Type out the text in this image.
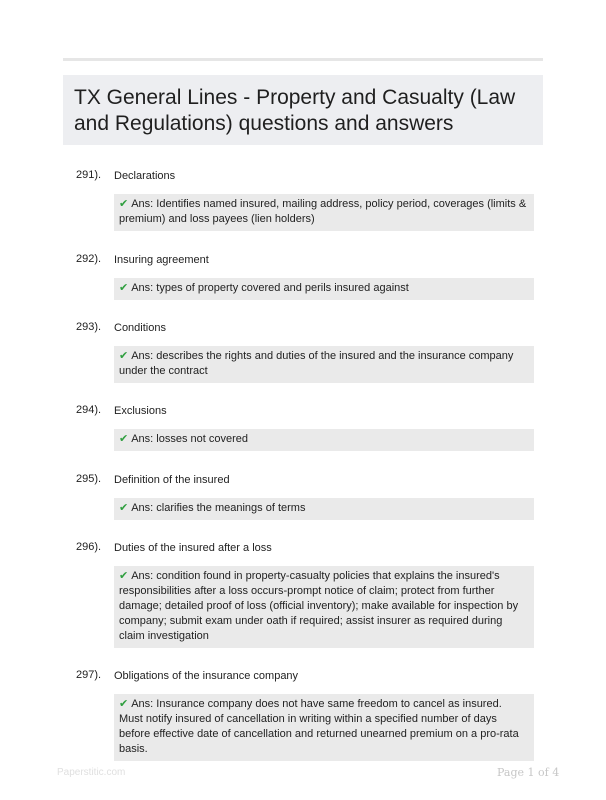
TX General Lines - Property and Casualty (Law and Regulations) questions and answers
291). Declarations
✔ Ans: Identifies named insured, mailing address, policy period, coverages (limits & premium) and loss payees (lien holders)
292). Insuring agreement
✔ Ans: types of property covered and perils insured against
293). Conditions
✔ Ans: describes the rights and duties of the insured and the insurance company under the contract
294). Exclusions
✔ Ans: losses not covered
295). Definition of the insured
✔ Ans: clarifies the meanings of terms
296). Duties of the insured after a loss
✔ Ans: condition found in property-casualty policies that explains the insured's responsibilities after a loss occurs-prompt notice of claim; protect from further damage; detailed proof of loss (official inventory); make available for inspection by company; submit exam under oath if required; assist insurer as required during claim investigation
297). Obligations of the insurance company
✔ Ans: Insurance company does not have same freedom to cancel as insured. Must notify insured of cancellation in writing within a specified number of days before effective date of cancellation and returned unearned premium on a pro-rata basis.
Paperstitic.com	Page 1 of 4
